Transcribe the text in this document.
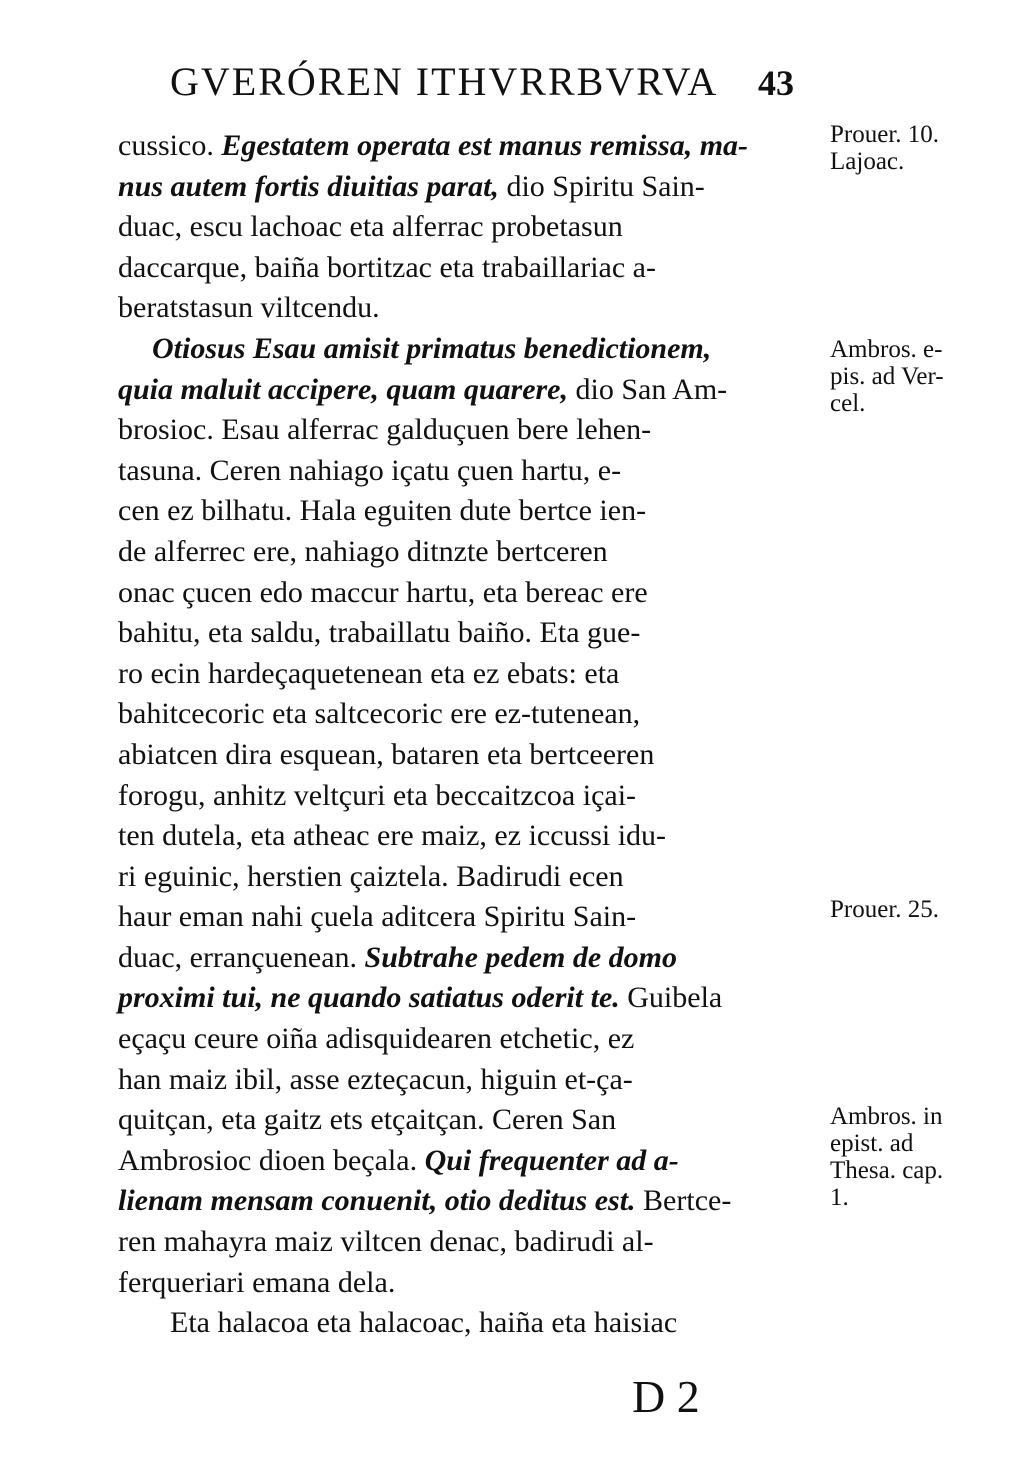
GVERÓREN ITHVRRBVRVA 43
cussico. Egestatem operata est manus remissa, ma-
nus autem fortis diuitias parat, dio Spiritu Sain-
duac, escu lachoac eta alferrac probetasun
daccarque, baiña bortitzac eta trabaillariac a-
beratstasun viltcendu.
Otiosus Esau amisit primatus benedictionem,
quia maluit accipere, quam quarere, dio San Am-
brosioc. Esau alferrac galduçuen bere lehen-
tasuna. Ceren nahiago içatu çuen hartu, e-
cen ez bilhatu. Hala eguiten dute bertce ien-
de alferrec ere, nahiago ditnzte bertceren
onac çucen edo maccur hartu, eta bereac ere
bahitu, eta saldu, trabaillatu baiño. Eta gue-
ro ecin hardeçaquetenean eta ez ebats: eta
bahitcecoric eta saltcecoric ere ez-tutenean,
abiatcen dira esquean, bataren eta bertceeren
forogu, anhitz veltçuri eta beccaitzcoa içai-
ten dutela, eta atheac ere maiz, ez iccussi idu-
ri eguinic, herstien çaiztela. Badirudi ecen
haur eman nahi çuela aditcera Spiritu Sain-
duac, errançuenean. Subtrahe pedem de domo
proximi tui, ne quando satiatus oderit te. Guibela
eçaçu ceure oiña adisquidearen etchetic, ez
han maiz ibil, asse ezteçacun, higuin et-ça-
quitçan, eta gaitz ets etçaitçan. Ceren San
Ambrosioc dioen beçala. Qui frequenter ad a-
lienam mensam conuenit, otio deditus est. Bertce-
ren mahayra maiz viltcen denac, badirudi al-
ferqueriari emana dela.
Eta halacoa eta halacoac, haiña eta haisiac
Prouer. 10.
Lajoac.
Ambros. e-
pis. ad Ver-
cel.
Prouer. 25.
Ambros. in
epist. ad
Thesa. cap.
1.
D 2
